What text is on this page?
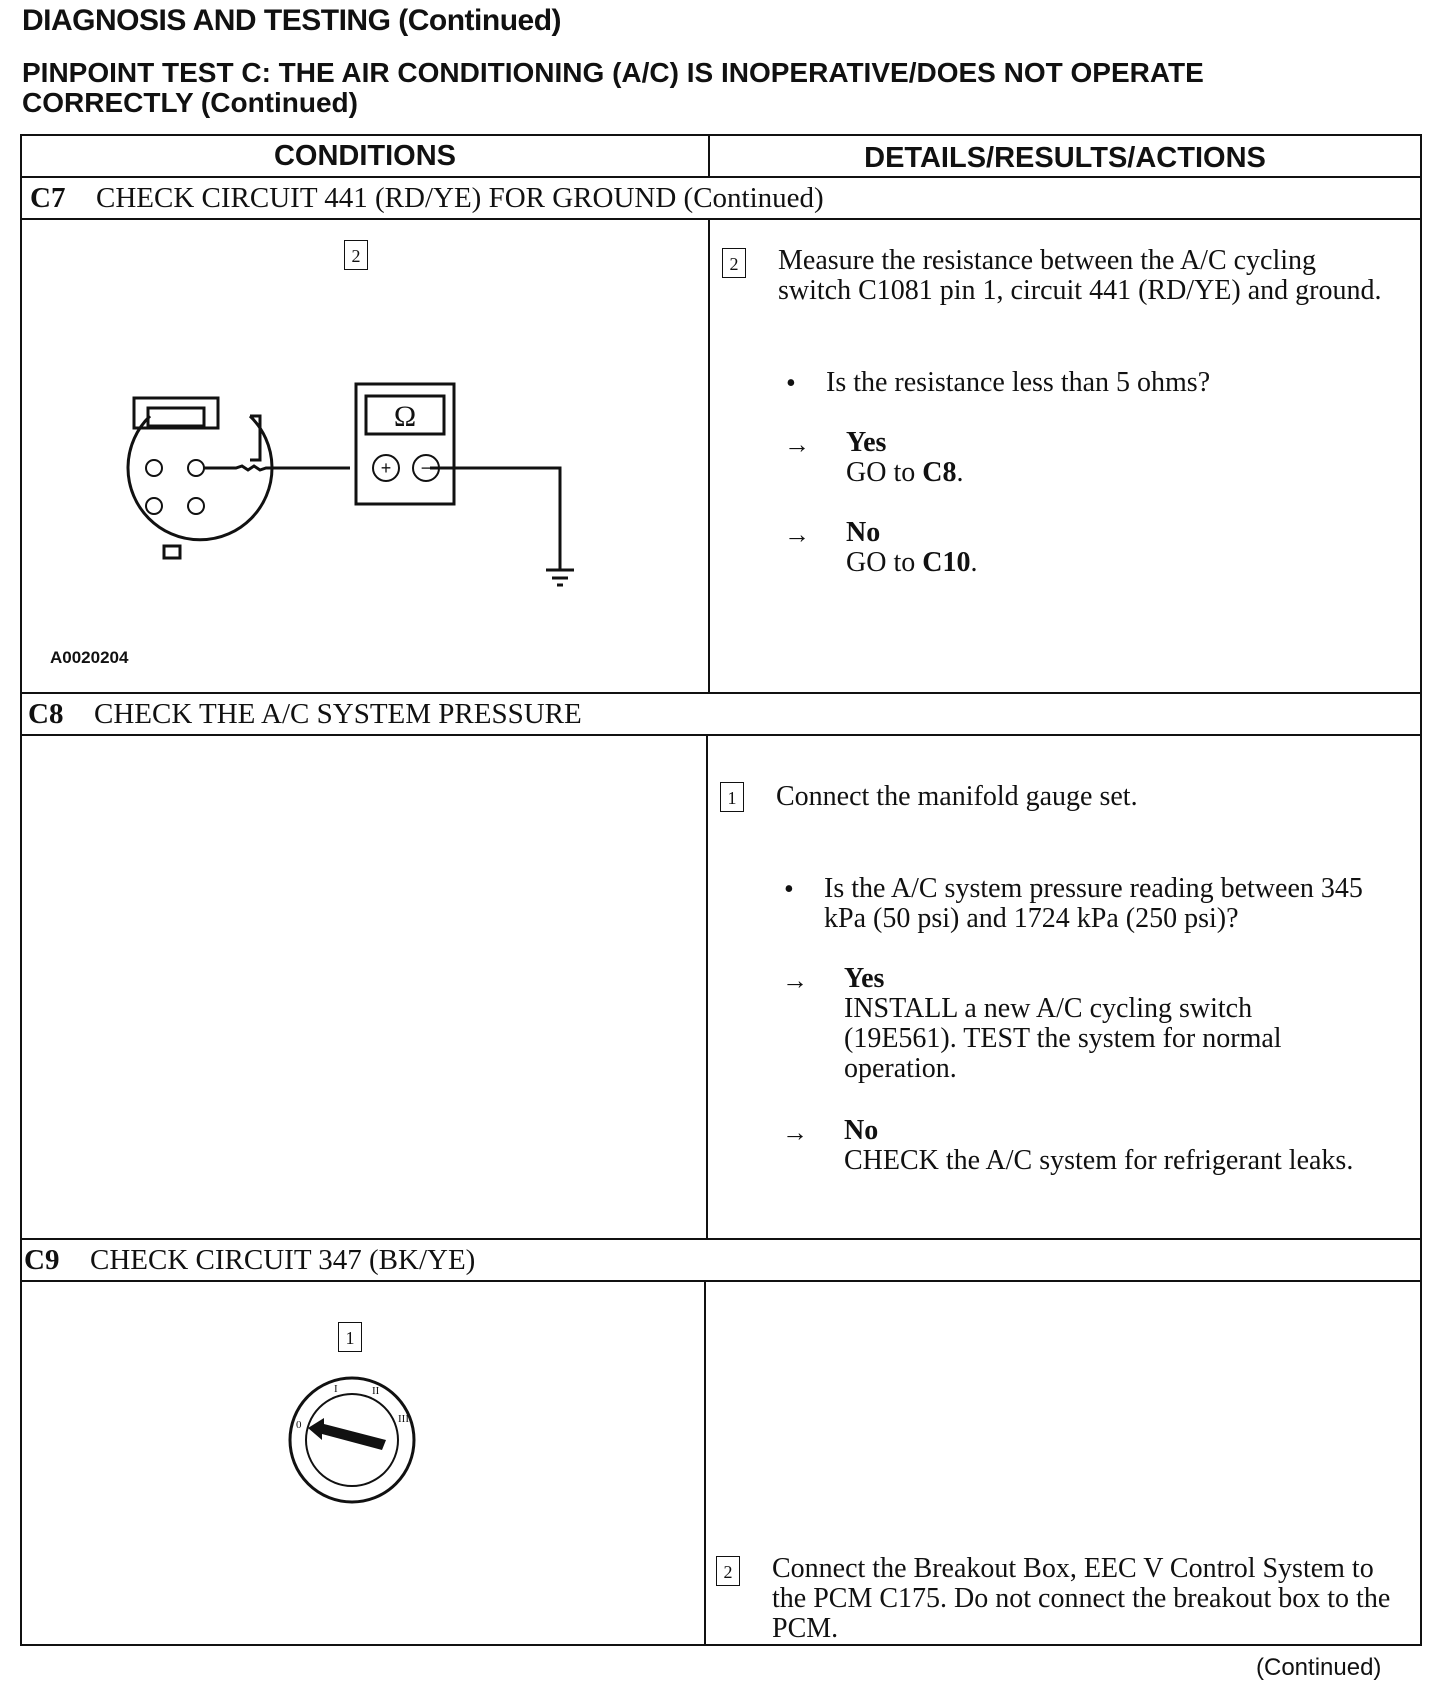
DIAGNOSIS AND TESTING (Continued)
PINPOINT TEST C: THE AIR CONDITIONING (A/C) IS INOPERATIVE/DOES NOT OPERATE
CORRECTLY (Continued)
CONDITIONS	DETAILS/RESULTS/ACTIONS
C7 CHECK CIRCUIT 441 (RD/YE) FOR GROUND (Continued)
2
Ω
+ −
A0020204
2 Measure the resistance between the A/C cycling switch C1081 pin 1, circuit 441 (RD/YE) and ground.
• Is the resistance less than 5 ohms?
→ Yes
GO to C8.
→ No
GO to C10.
C8 CHECK THE A/C SYSTEM PRESSURE
1 Connect the manifold gauge set.
• Is the A/C system pressure reading between 345 kPa (50 psi) and 1724 kPa (250 psi)?
→ Yes
INSTALL a new A/C cycling switch (19E561). TEST the system for normal operation.
→ No
CHECK the A/C system for refrigerant leaks.
C9 CHECK CIRCUIT 347 (BK/YE)
1
0
I	II
III
2 Connect the Breakout Box, EEC V Control System to the PCM C175. Do not connect the breakout box to the PCM.
(Continued)
